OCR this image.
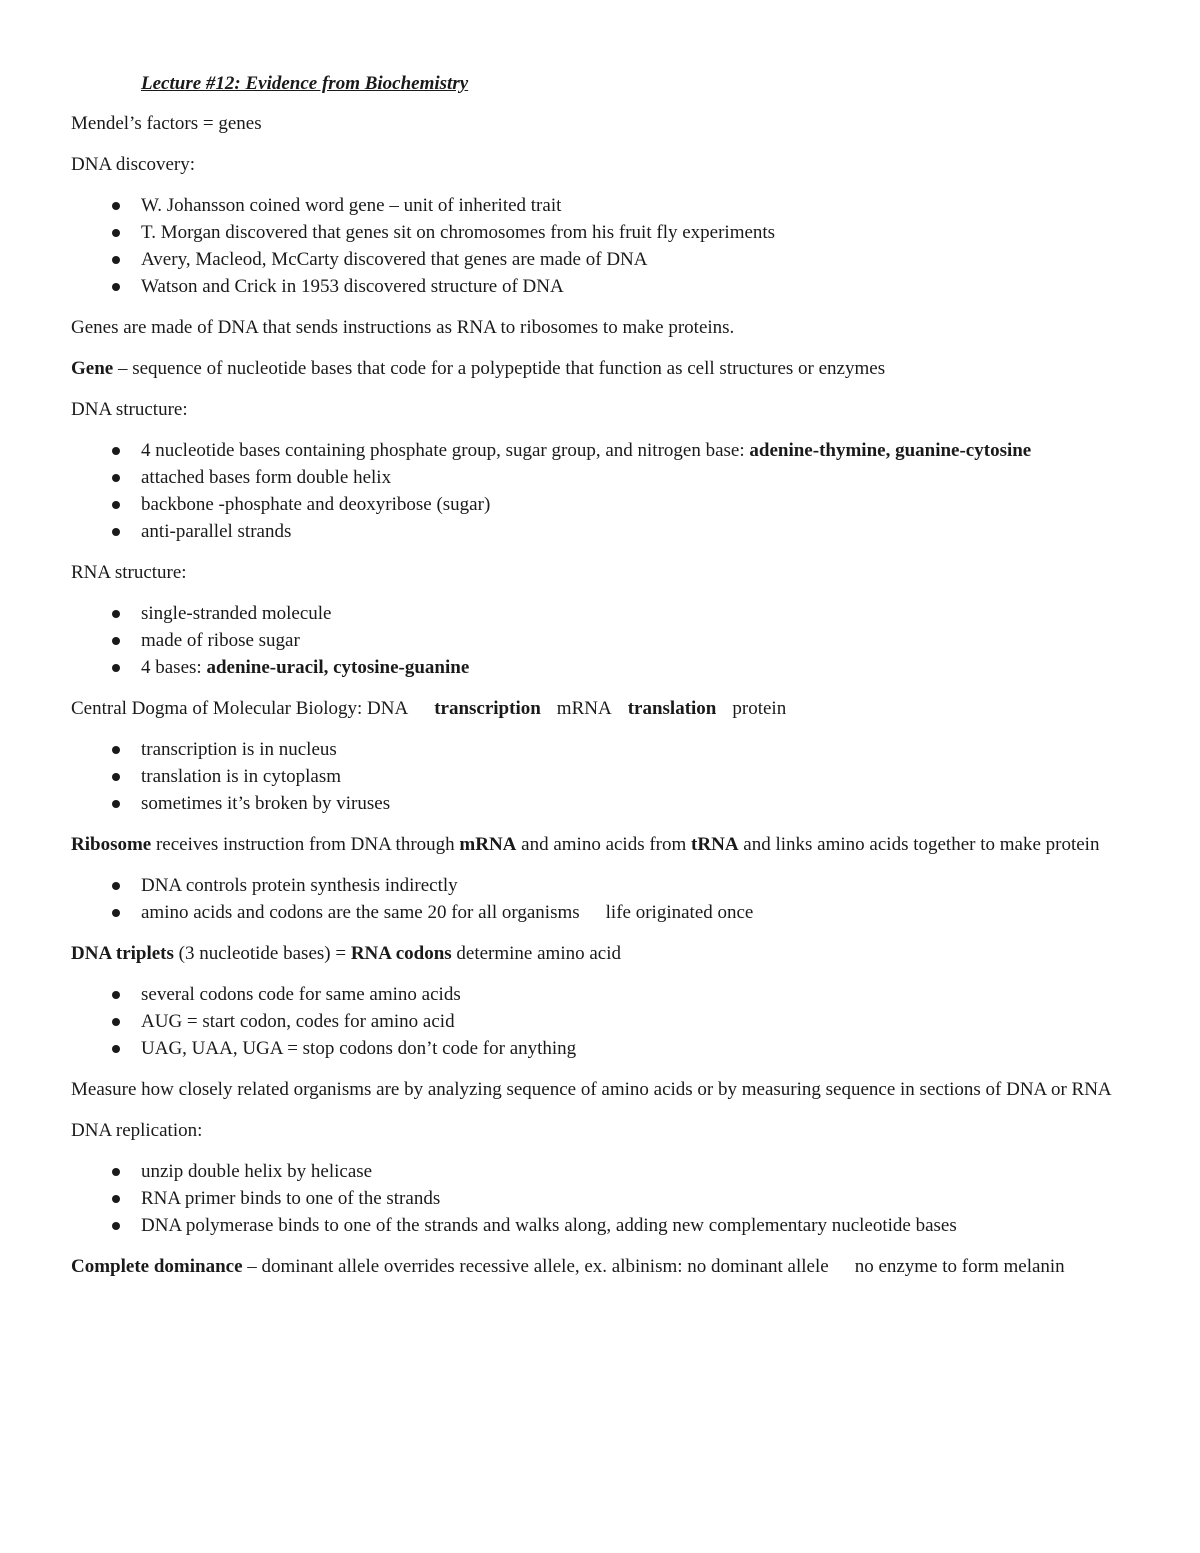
Lecture #12: Evidence from Biochemistry

Mendel’s factors = genes

DNA discovery:

W. Johansson coined word gene – unit of inherited trait
T. Morgan discovered that genes sit on chromosomes from his fruit fly experiments
Avery, Macleod, McCarty discovered that genes are made of DNA
Watson and Crick in 1953 discovered structure of DNA

Genes are made of DNA that sends instructions as RNA to ribosomes to make proteins.

Gene – sequence of nucleotide bases that code for a polypeptide that function as cell structures or enzymes

DNA structure:

4 nucleotide bases containing phosphate group, sugar group, and nitrogen base: adenine-thymine, guanine-cytosine
attached bases form double helix
backbone -phosphate and deoxyribose (sugar)
anti-parallel strands

RNA structure:

single-stranded molecule
made of ribose sugar
4 bases: adenine-uracil, cytosine-guanine

Central Dogma of Molecular Biology: DNA transcription mRNA translation protein

transcription is in nucleus
translation is in cytoplasm
sometimes it’s broken by viruses

Ribosome receives instruction from DNA through mRNA and amino acids from tRNA and links amino acids together to make protein

DNA controls protein synthesis indirectly
amino acids and codons are the same 20 for all organisms life originated once

DNA triplets (3 nucleotide bases) = RNA codons determine amino acid

several codons code for same amino acids
AUG = start codon, codes for amino acid
UAG, UAA, UGA = stop codons don’t code for anything

Measure how closely related organisms are by analyzing sequence of amino acids or by measuring sequence in sections of DNA or RNA

DNA replication:

unzip double helix by helicase
RNA primer binds to one of the strands
DNA polymerase binds to one of the strands and walks along, adding new complementary nucleotide bases

Complete dominance – dominant allele overrides recessive allele, ex. albinism: no dominant allele no enzyme to form melanin
